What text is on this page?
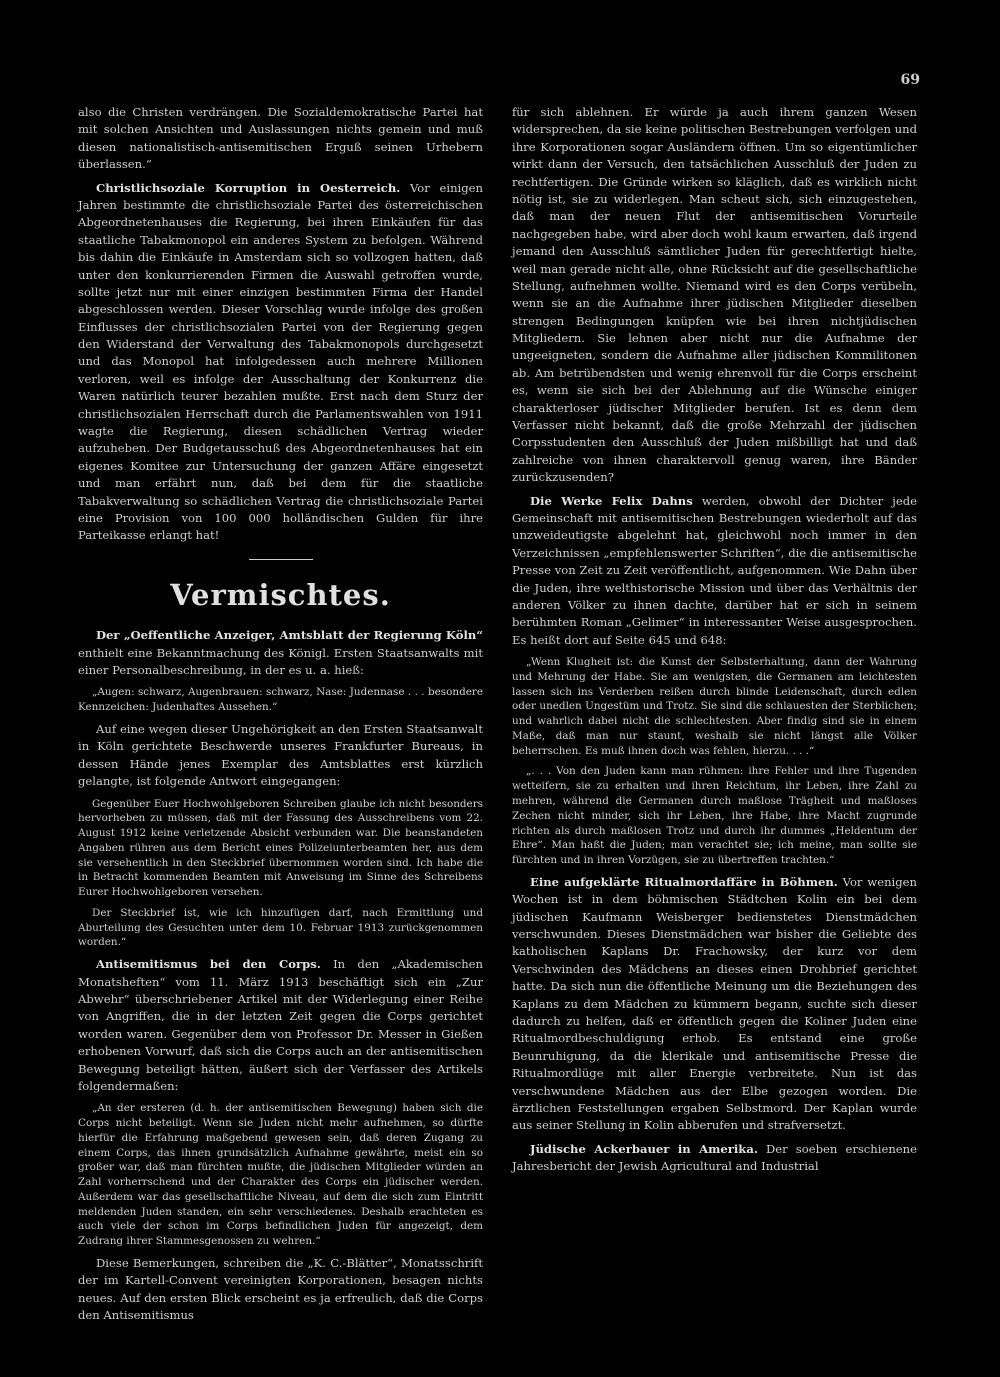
69

also die Christen verdrängen. Die Sozialdemokratische Partei hat mit solchen Ansichten und Auslassungen nichts gemein und muß diesen nationalistisch-antisemitischen Erguß seinen Urhebern überlassen.“

Christlichsoziale Korruption in Oesterreich. Vor einigen Jahren bestimmte die christlichsoziale Partei des österreichischen Abgeordnetenhauses die Regierung, bei ihren Einkäufen für das staatliche Tabakmonopol ein anderes System zu befolgen. Während bis dahin die Einkäufe in Amsterdam sich so vollzogen hatten, daß unter den konkurrierenden Firmen die Auswahl getroffen wurde, sollte jetzt nur mit einer einzigen bestimmten Firma der Handel abgeschlossen werden. Dieser Vorschlag wurde infolge des großen Einflusses der christlichsozialen Partei von der Regierung gegen den Widerstand der Verwaltung des Tabakmonopols durchgesetzt und das Monopol hat infolgedessen auch mehrere Millionen verloren, weil es infolge der Ausschaltung der Konkurrenz die Waren natürlich teurer bezahlen mußte. Erst nach dem Sturz der christlichsozialen Herrschaft durch die Parlamentswahlen von 1911 wagte die Regierung, diesen schädlichen Vertrag wieder aufzuheben. Der Budgetausschuß des Abgeordnetenhauses hat ein eigenes Komitee zur Untersuchung der ganzen Affäre eingesetzt und man erfährt nun, daß bei dem für die staatliche Tabakverwaltung so schädlichen Vertrag die christlichsoziale Partei eine Provision von 100 000 holländischen Gulden für ihre Parteikasse erlangt hat!

Vermischtes.

Der „Oeffentliche Anzeiger, Amtsblatt der Regierung Köln“ enthielt eine Bekanntmachung des Königl. Ersten Staatsanwalts mit einer Personalbeschreibung, in der es u. a. hieß:

„Augen: schwarz, Augenbrauen: schwarz, Nase: Judennase . . . besondere Kennzeichen: Judenhaftes Aussehen.“

Auf eine wegen dieser Ungehörigkeit an den Ersten Staatsanwalt in Köln gerichtete Beschwerde unseres Frankfurter Bureaus, in dessen Hände jenes Exemplar des Amtsblattes erst kürzlich gelangte, ist folgende Antwort eingegangen:

Gegenüber Euer Hochwohlgeboren Schreiben glaube ich nicht besonders hervorheben zu müssen, daß mit der Fassung des Ausschreibens vom 22. August 1912 keine verletzende Absicht verbunden war. Die beanstandeten Angaben rühren aus dem Bericht eines Polizeiunterbeamten her, aus dem sie versehentlich in den Steckbrief übernommen worden sind. Ich habe die in Betracht kommenden Beamten mit Anweisung im Sinne des Schreibens Eurer Hochwohlgeboren versehen.
Der Steckbrief ist, wie ich hinzufügen darf, nach Ermittlung und Aburteilung des Gesuchten unter dem 10. Februar 1913 zurückgenommen worden.“

Antisemitismus bei den Corps. In den „Akademischen Monatsheften“ vom 11. März 1913 beschäftigt sich ein „Zur Abwehr“ überschriebener Artikel mit der Widerlegung einer Reihe von Angriffen, die in der letzten Zeit gegen die Corps gerichtet worden waren. Gegenüber dem von Professor Dr. Messer in Gießen erhobenen Vorwurf, daß sich die Corps auch an der antisemitischen Bewegung beteiligt hätten, äußert sich der Verfasser des Artikels folgendermaßen:

„An der ersteren (d. h. der antisemitischen Bewegung) haben sich die Corps nicht beteiligt. Wenn sie Juden nicht mehr aufnehmen, so dürfte hierfür die Erfahrung maßgebend gewesen sein, daß deren Zugang zu einem Corps, das ihnen grundsätzlich Aufnahme gewährte, meist ein so großer war, daß man fürchten mußte, die jüdischen Mitglieder würden an Zahl vorherrschend und der Charakter des Corps ein jüdischer werden. Außerdem war das gesellschaftliche Niveau, auf dem die sich zum Eintritt meldenden Juden standen, ein sehr verschiedenes. Deshalb erachteten es auch viele der schon im Corps befindlichen Juden für angezeigt, dem Zudrang ihrer Stammesgenossen zu wehren.“

Diese Bemerkungen, schreiben die „K. C.-Blätter“, Monatsschrift der im Kartell-Convent vereinigten Korporationen, besagen nichts neues. Auf den ersten Blick erscheint es ja erfreulich, daß die Corps den Antisemitismus

für sich ablehnen. Er würde ja auch ihrem ganzen Wesen widersprechen, da sie keine politischen Bestrebungen verfolgen und ihre Korporationen sogar Ausländern öffnen. Um so eigentümlicher wirkt dann der Versuch, den tatsächlichen Ausschluß der Juden zu rechtfertigen. Die Gründe wirken so kläglich, daß es wirklich nicht nötig ist, sie zu widerlegen. Man scheut sich, sich einzugestehen, daß man der neuen Flut der antisemitischen Vorurteile nachgegeben habe, wird aber doch wohl kaum erwarten, daß irgend jemand den Ausschluß sämtlicher Juden für gerechtfertigt hielte, weil man gerade nicht alle, ohne Rücksicht auf die gesellschaftliche Stellung, aufnehmen wollte. Niemand wird es den Corps verübeln, wenn sie an die Aufnahme ihrer jüdischen Mitglieder dieselben strengen Bedingungen knüpfen wie bei ihren nichtjüdischen Mitgliedern. Sie lehnen aber nicht nur die Aufnahme der ungeeigneten, sondern die Aufnahme aller jüdischen Kommilitonen ab. Am betrübendsten und wenig ehrenvoll für die Corps erscheint es, wenn sie sich bei der Ablehnung auf die Wünsche einiger charakterloser jüdischer Mitglieder berufen. Ist es denn dem Verfasser nicht bekannt, daß die große Mehrzahl der jüdischen Corpsstudenten den Ausschluß der Juden mißbilligt hat und daß zahlreiche von ihnen charaktervoll genug waren, ihre Bänder zurückzusenden?

Die Werke Felix Dahns werden, obwohl der Dichter jede Gemeinschaft mit antisemitischen Bestrebungen wiederholt auf das unzweideutigste abgelehnt hat, gleichwohl noch immer in den Verzeichnissen „empfehlenswerter Schriften“, die die antisemitische Presse von Zeit zu Zeit veröffentlicht, aufgenommen. Wie Dahn über die Juden, ihre welthistorische Mission und über das Verhältnis der anderen Völker zu ihnen dachte, darüber hat er sich in seinem berühmten Roman „Gelimer“ in interessanter Weise ausgesprochen. Es heißt dort auf Seite 645 und 648:

„Wenn Klugheit ist: die Kunst der Selbsterhaltung, dann der Wahrung und Mehrung der Habe. Sie am wenigsten, die Germanen am leichtesten lassen sich ins Verderben reißen durch blinde Leidenschaft, durch edlen oder unedlen Ungestüm und Trotz. Sie sind die schlauesten der Sterblichen; und wahrlich dabei nicht die schlechtesten. Aber findig sind sie in einem Maße, daß man nur staunt, weshalb sie nicht längst alle Völker beherrschen. Es muß ihnen doch was fehlen, hierzu. . . .“
„. . . Von den Juden kann man rühmen: ihre Fehler und ihre Tugenden wetteifern, sie zu erhalten und ihren Reichtum, ihr Leben, ihre Zahl zu mehren, während die Germanen durch maßlose Trägheit und maßloses Zechen nicht minder, sich ihr Leben, ihre Habe, ihre Macht zugrunde richten als durch maßlosen Trotz und durch ihr dummes „Heldentum der Ehre“. Man haßt die Juden; man verachtet sie; ich meine, man sollte sie fürchten und in ihren Vorzügen, sie zu übertreffen trachten.“

Eine aufgeklärte Ritualmordaffäre in Böhmen. Vor wenigen Wochen ist in dem böhmischen Städtchen Kolin ein bei dem jüdischen Kaufmann Weisberger bedienstetes Dienstmädchen verschwunden. Dieses Dienstmädchen war bisher die Geliebte des katholischen Kaplans Dr. Frachowsky, der kurz vor dem Verschwinden des Mädchens an dieses einen Drohbrief gerichtet hatte. Da sich nun die öffentliche Meinung um die Beziehungen des Kaplans zu dem Mädchen zu kümmern begann, suchte sich dieser dadurch zu helfen, daß er öffentlich gegen die Koliner Juden eine Ritualmordbeschuldigung erhob. Es entstand eine große Beunruhigung, da die klerikale und antisemitische Presse die Ritualmordlüge mit aller Energie verbreitete. Nun ist das verschwundene Mädchen aus der Elbe gezogen worden. Die ärztlichen Feststellungen ergaben Selbstmord. Der Kaplan wurde aus seiner Stellung in Kolin abberufen und strafversetzt.

Jüdische Ackerbauer in Amerika. Der soeben erschienene Jahresbericht der Jewish Agricultural and Industrial
